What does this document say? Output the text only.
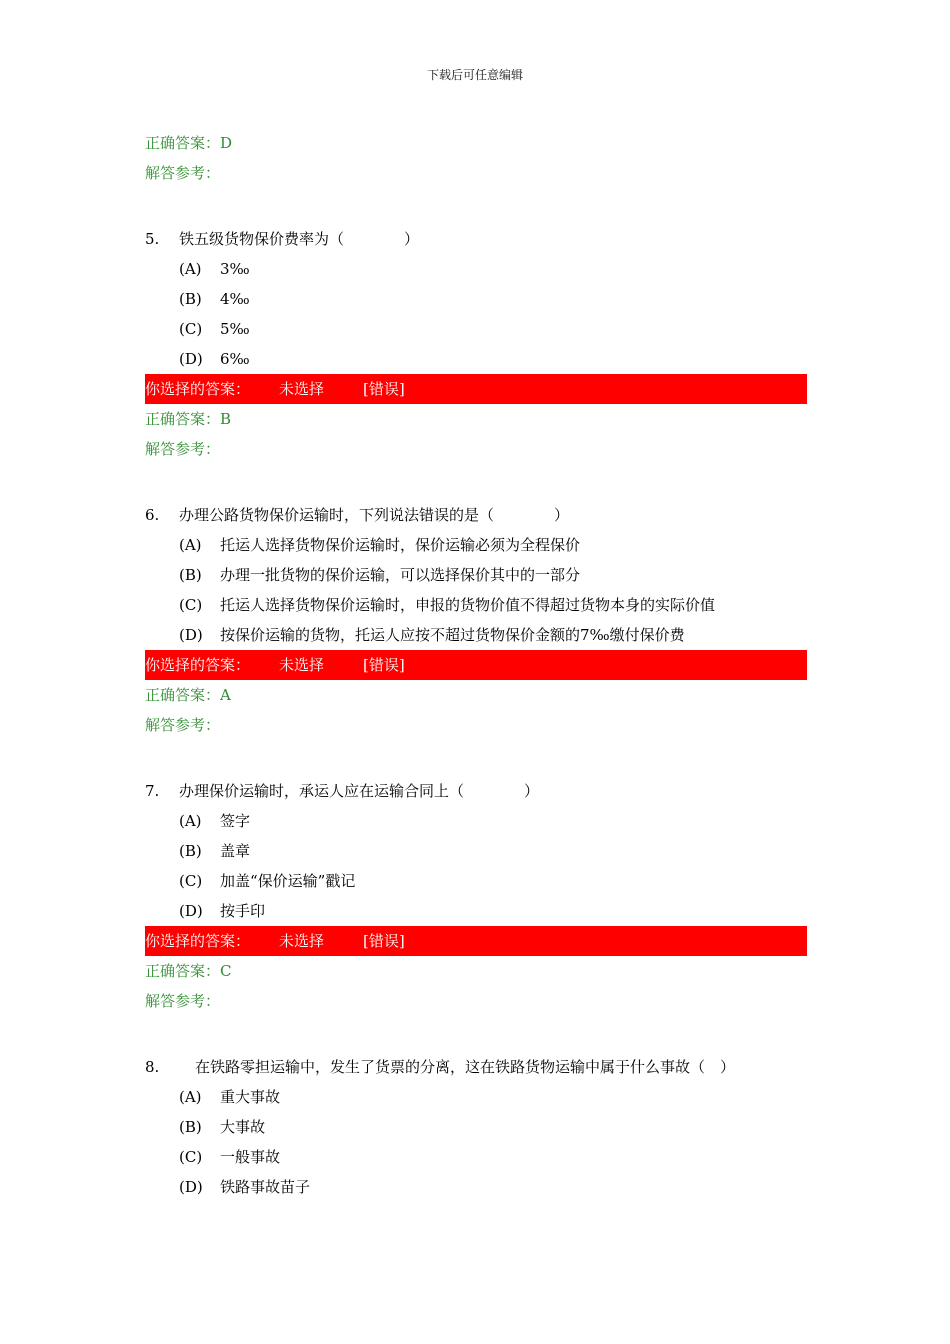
下载后可任意编辑
正确答案：D
解答参考：
5.	铁五级货物保价费率为（　　　　）
(A)	3‰
(B)	4‰
(C)	5‰
(D)	6‰
你选择的答案：	未选择	[错误]
正确答案：B
解答参考：
6.	办理公路货物保价运输时，下列说法错误的是（　　　　）
(A)	托运人选择货物保价运输时，保价运输必须为全程保价
(B)	办理一批货物的保价运输，可以选择保价其中的一部分
(C)	托运人选择货物保价运输时，申报的货物价值不得超过货物本身的实际价值
(D)	按保价运输的货物，托运人应按不超过货物保价金额的7‰缴付保价费
你选择的答案：	未选择	[错误]
正确答案：A
解答参考：
7.	办理保价运输时，承运人应在运输合同上（　　　　）
(A)	签字
(B)	盖章
(C)	加盖“保价运输”戳记
(D)	按手印
你选择的答案：	未选择	[错误]
正确答案：C
解答参考：
8.	在铁路零担运输中，发生了货票的分离，这在铁路货物运输中属于什么事故（　）
(A)	重大事故
(B)	大事故
(C)	一般事故
(D)	铁路事故苗子
